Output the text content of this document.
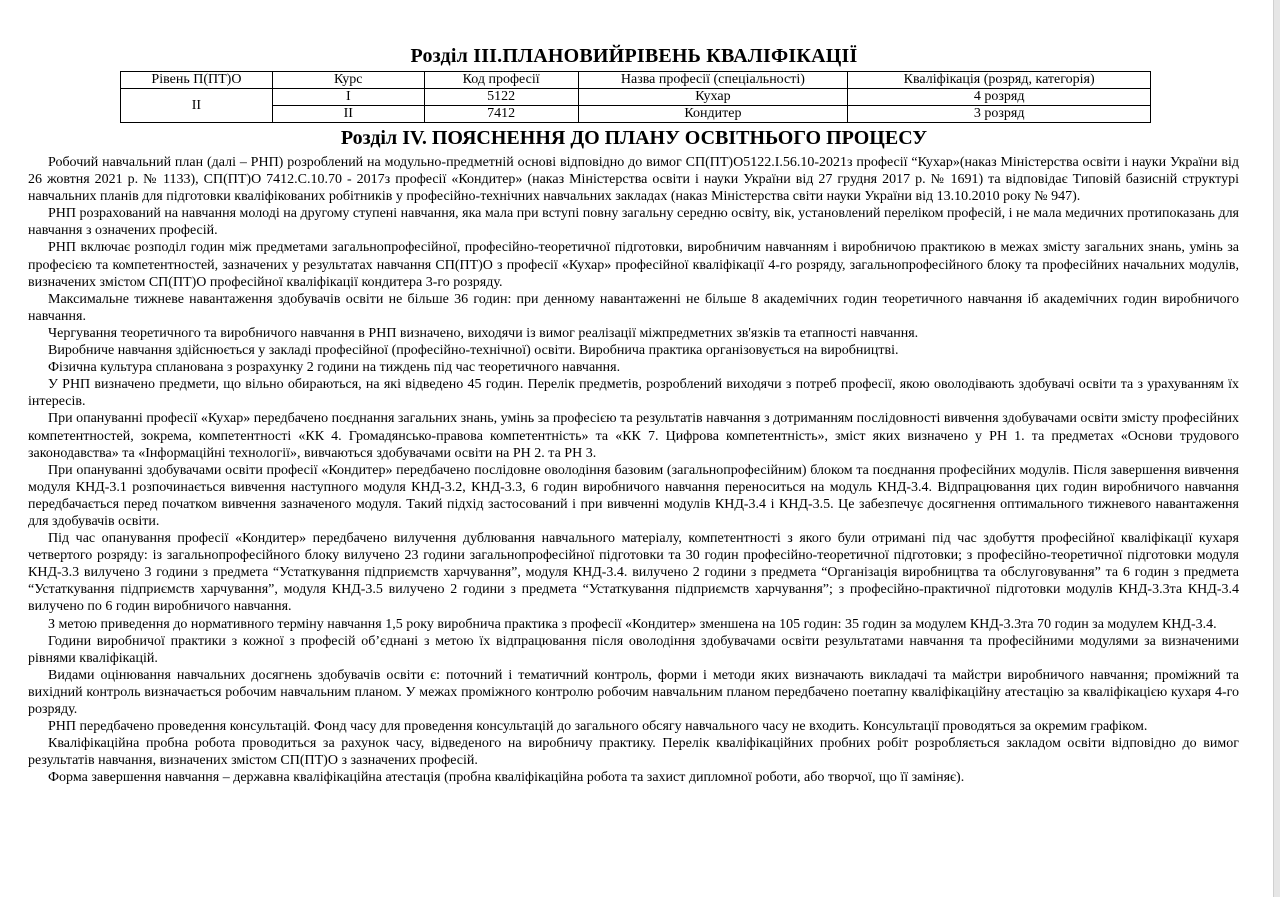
Розділ ІІІ.ПЛАНОВИЙРІВЕНЬ КВАЛІФІКАЦІЇ
Рівень П(ПТ)О	Курс	Код професії	Назва професії (спеціальності)	Кваліфікація (розряд, категорія)
ІІ	І	5122	Кухар	4 розряд
	ІІ	7412	Кондитер	3 розряд
Розділ IV. ПОЯСНЕННЯ ДО ПЛАНУ ОСВІТНЬОГО ПРОЦЕСУ

Робочий навчальний план (далі – РНП) розроблений на модульно-предметній основі відповідно до вимог СП(ПТ)О5122.І.56.10-2021з професії “Кухар»(наказ Міністерства освіти і науки України від 26 жовтня 2021 р. № 1133), СП(ПТ)О 7412.С.10.70 - 2017з професії «Кондитер» (наказ Міністерства освіти і науки України від 27 грудня 2017 р. № 1691) та відповідає Типовій базисній структурі навчальних планів для підготовки кваліфікованих робітників у професійно-технічних навчальних закладах (наказ Міністерства світи науки України від 13.10.2010 року № 947).

РНП розрахований на навчання молоді на другому ступені навчання, яка мала при вступі повну загальну середню освіту, вік, установлений переліком професій, і не мала медичних протипоказань для навчання з означених професій.

РНП включає розподіл годин між предметами загальнопрофесійної, професійно-теоретичної підготовки, виробничим навчанням і виробничою практикою в межах змісту загальних знань, умінь за професією та компетентностей, зазначених у результатах навчання СП(ПТ)О з професії «Кухар» професійної кваліфікації 4-го розряду, загальнопрофесійного блоку та професійних начальних модулів, визначених змістом СП(ПТ)О професійної кваліфікації кондитера 3-го розряду.

Максимальне тижневе навантаження здобувачів освіти не більше 36 годин: при денному навантаженні не більше 8 академічних годин теоретичного навчання іб академічних годин виробничого навчання.

Чергування теоретичного та виробничого навчання в РНП визначено, виходячи із вимог реалізації міжпредметних зв'язків та етапності навчання.

Виробниче навчання здійснюється у закладі професійної (професійно-технічної) освіти. Виробнича практика організовується на виробництві.

Фізична культура спланована з розрахунку 2 години на тиждень під час теоретичного навчання.

У РНП визначено предмети, що вільно обираються, на які відведено 45 годин. Перелік предметів, розроблений виходячи з потреб професії, якою оволодівають здобувачі освіти та з урахуванням їх інтересів.

При опануванні професії «Кухар» передбачено поєднання загальних знань, умінь за професією та результатів навчання з дотриманням послідовності вивчення здобувачами освіти змісту професійних компетентностей, зокрема, компетентності «КК 4. Громадянсько-правова компетентність» та «КК 7. Цифрова компетентність», зміст яких визначено у РН 1. та предметах «Основи трудового законодавства» та «Інформаційні технології», вивчаються здобувачами освіти на РН 2. та РН 3.

При опануванні здобувачами освіти професії «Кондитер» передбачено послідовне оволодіння базовим (загальнопрофесійним) блоком та поєднання професійних модулів. Після завершення вивчення модуля КНД-3.1 розпочинається вивчення наступного модуля КНД-3.2, КНД-3.3, 6 годин виробничого навчання переноситься на модуль КНД-3.4. Відпрацювання цих годин виробничого навчання передбачається перед початком вивчення зазначеного модуля. Такий підхід застосований і при вивченні модулів КНД-3.4 і КНД-3.5. Це забезпечує досягнення оптимального тижневого навантаження для здобувачів освіти.

Під час опанування професії «Кондитер» передбачено вилучення дублювання навчального матеріалу, компетентності з якого були отримані під час здобуття професійної кваліфікації кухаря четвертого розряду: із загальнопрофесійного блоку вилучено 23 години загальнопрофесійної підготовки та 30 годин професійно-теоретичної підготовки; з професійно-теоретичної підготовки модуля КНД-3.3 вилучено 3 години з предмета “Устаткування підприємств харчування”, модуля КНД-3.4. вилучено 2 години з предмета “Організація виробництва та обслуговування” та 6 годин з предмета “Устаткування підприємств харчування”, модуля КНД-3.5 вилучено 2 години з предмета “Устаткування підприємств харчування”; з професійно-практичної підготовки модулів КНД-3.3та КНД-3.4 вилучено по 6 годин виробничого навчання.

З метою приведення до нормативного терміну навчання 1,5 року виробнича практика з професії «Кондитер» зменшена на 105 годин: 35 годин за модулем КНД-3.3та 70 годин за модулем КНД-3.4.

Години виробничої практики з кожної з професій об’єднані з метою їх відпрацювання після оволодіння здобувачами освіти результатами навчання та професійними модулями за визначеними рівнями кваліфікацій.

Видами оцінювання навчальних досягнень здобувачів освіти є: поточний і тематичний контроль, форми і методи яких визначають викладачі та майстри виробничого навчання; проміжний та вихідний контроль визначається робочим навчальним планом. У межах проміжного контролю робочим навчальним планом передбачено поетапну кваліфікаційну атестацію за кваліфікацією кухаря 4-го розряду.

РНП передбачено проведення консультацій. Фонд часу для проведення консультацій до загального обсягу навчального часу не входить. Консультації проводяться за окремим графіком.

Кваліфікаційна пробна робота проводиться за рахунок часу, відведеного на виробничу практику. Перелік кваліфікаційних пробних робіт розробляється закладом освіти відповідно до вимог результатів навчання, визначених змістом СП(ПТ)О з зазначених професій.

Форма завершення навчання – державна кваліфікаційна атестація (пробна кваліфікаційна робота та захист дипломної роботи, або творчої, що її заміняє).
